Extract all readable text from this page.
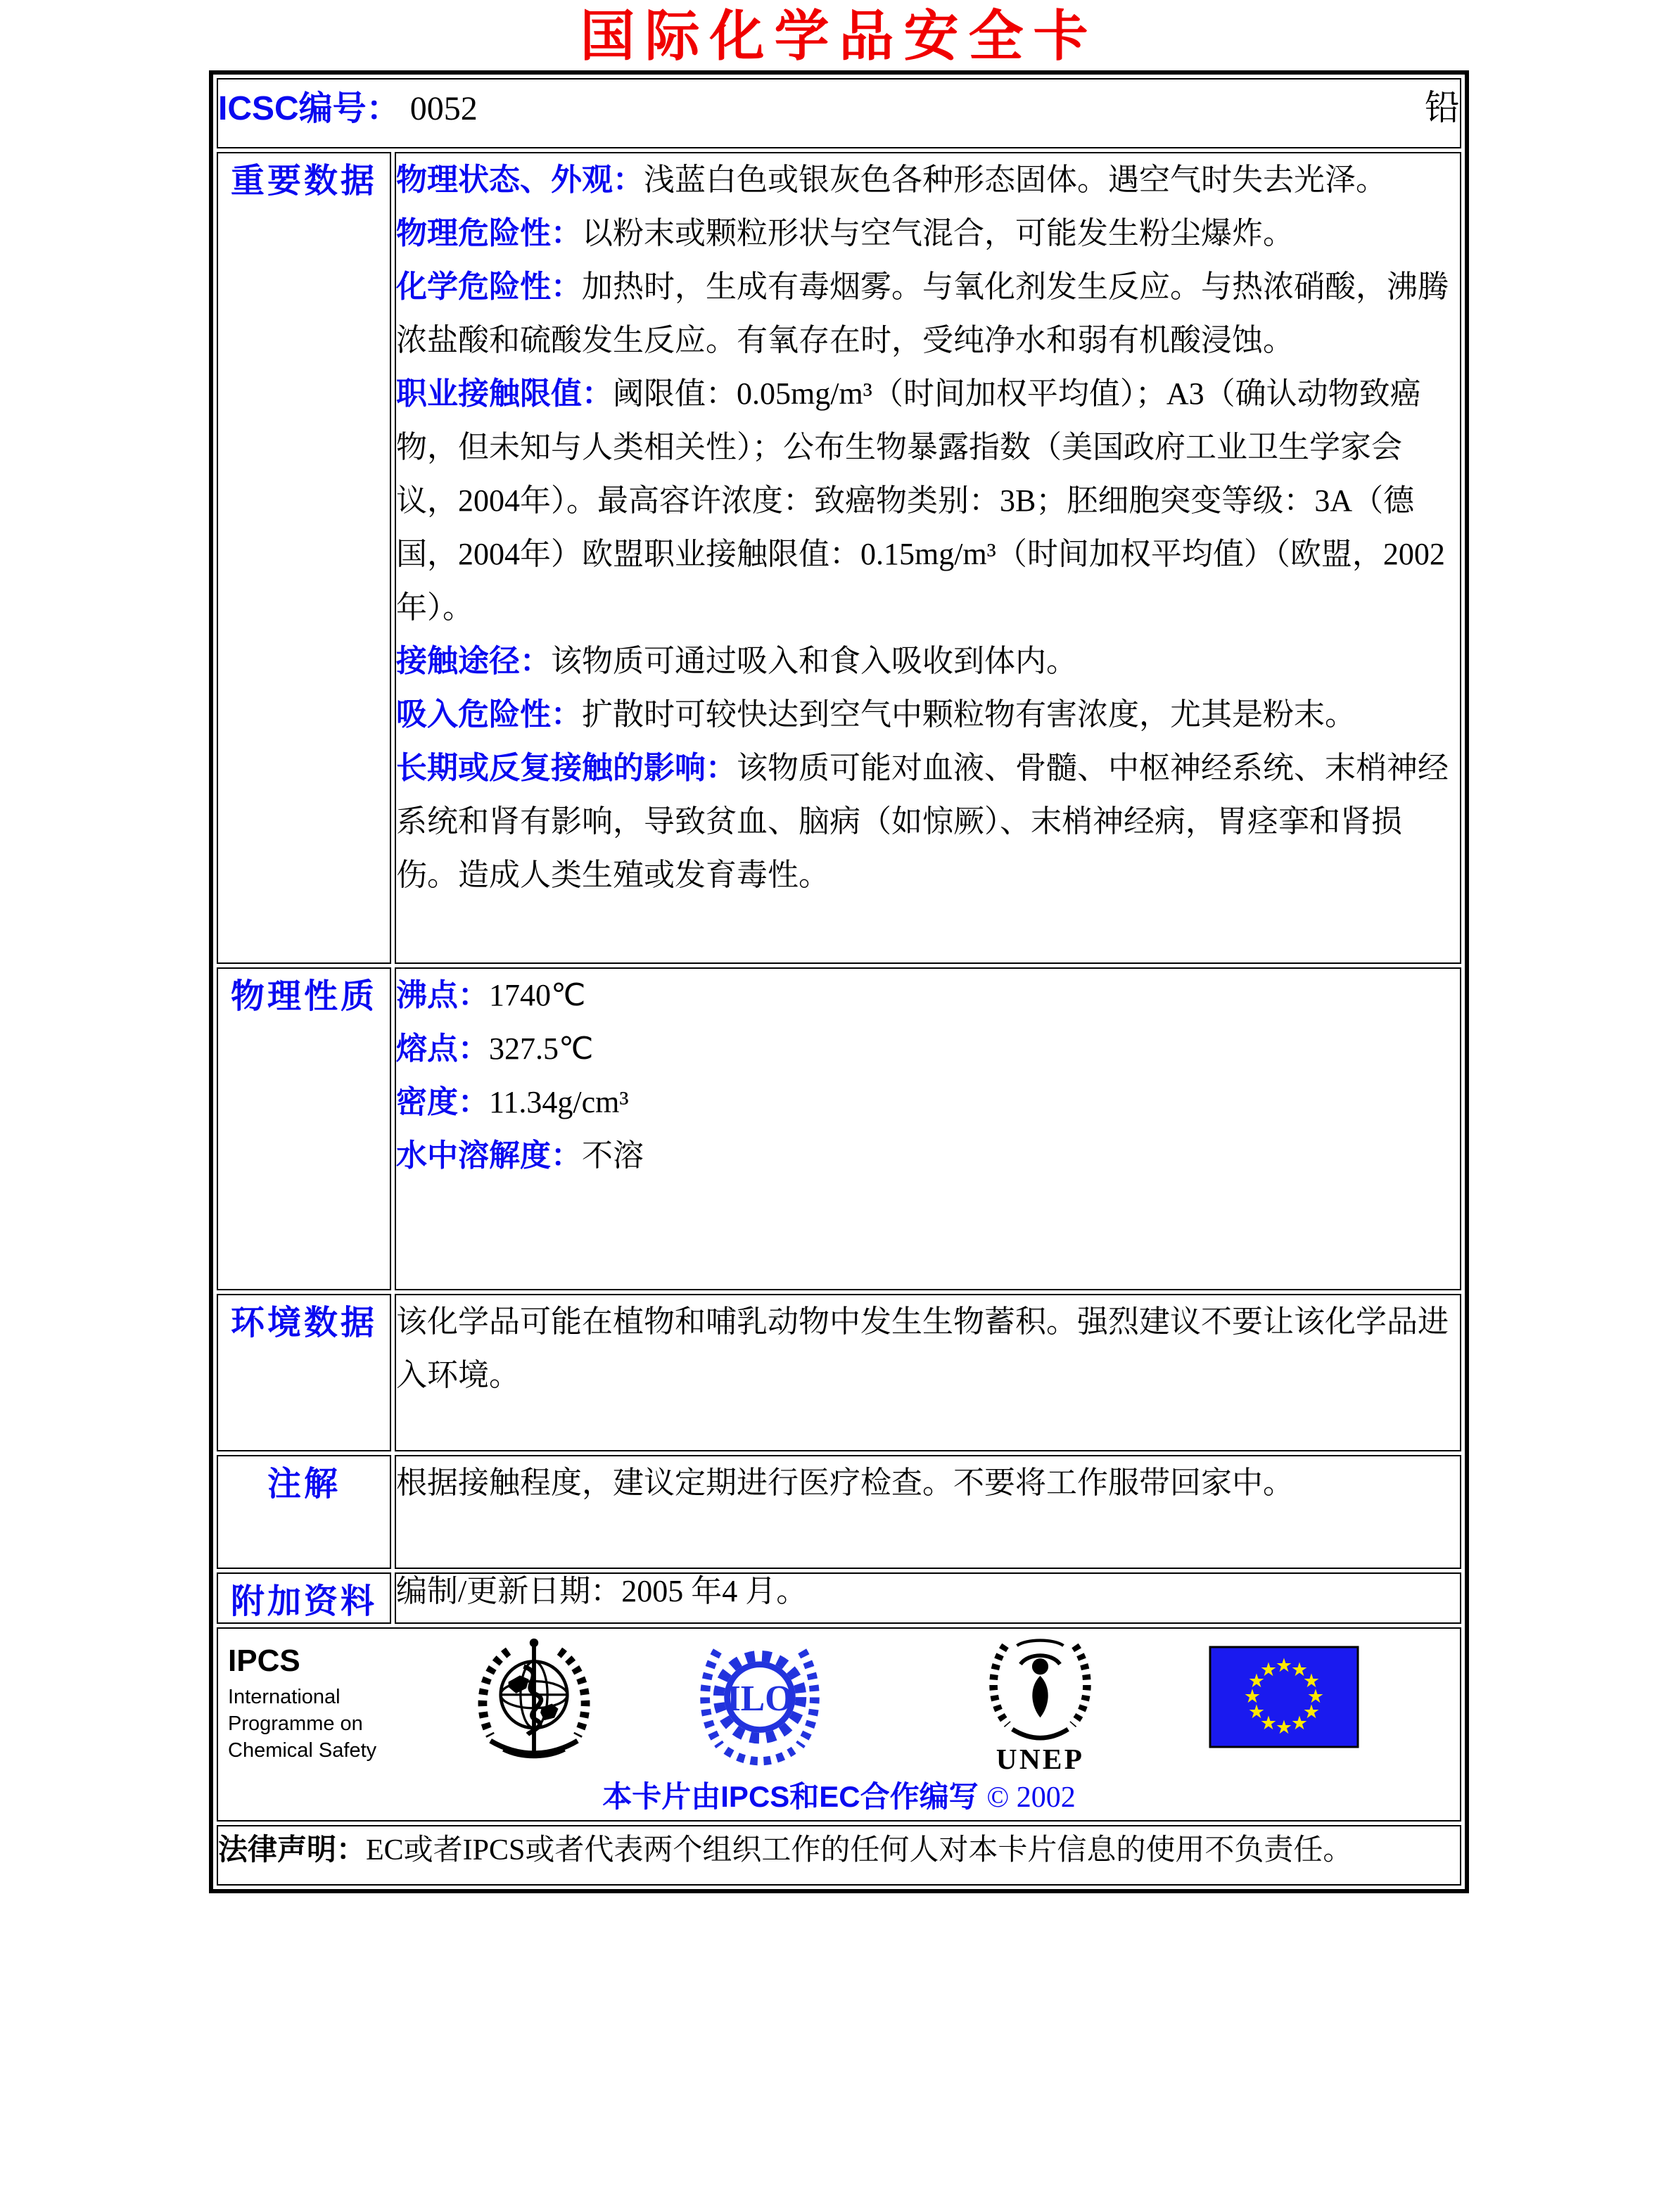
国际化学品安全卡
ICSC编号： 0052 铅	

重要数据	物理状态、外观：浅蓝白色或银灰色各种形态固体。遇空气时失去光泽。

物理危险性：以粉末或颗粒形状与空气混合，可能发生粉尘爆炸。

化学危险性：加热时，生成有毒烟雾。与氧化剂发生反应。与热浓硝酸，沸腾浓盐酸和硫酸发生反应。有氧存在时，受纯净水和弱有机酸浸蚀。

职业接触限值：阈限值：0.05mg/m³（时间加权平均值）；A3（确认动物致癌物，但未知与人类相关性）；公布生物暴露指数（美国政府工业卫生学家会议，2004年）。最高容许浓度：致癌物类别：3B；胚细胞突变等级：3A（德国，2004年）欧盟职业接触限值：0.15mg/m³（时间加权平均值）（欧盟，2002年）。

接触途径：该物质可通过吸入和食入吸收到体内。

吸入危险性：扩散时可较快达到空气中颗粒物有害浓度，尤其是粉末。

长期或反复接触的影响：该物质可能对血液、骨髓、中枢神经系统、末梢神经系统和肾有影响，导致贫血、脑病（如惊厥）、末梢神经病，胃痉挛和肾损伤。造成人类生殖或发育毒性。

物理性质	沸点：1740℃

熔点：327.5℃

密度：11.34g/cm³

水中溶解度：不溶

环境数据	该化学品可能在植物和哺乳动物中发生生物蓄积。强烈建议不要让该化学品进入环境。

注解	根据接触程度，建议定期进行医疗检查。不要将工作服带回家中。

附加资料	编制/更新日期：2005 年4 月。

IPCS
International
Programme on
Chemical Safety
ILO
UNEP
★
★
★
★
★
★
★
★
★
★
★
★
本卡片由IPCS和EC合作编写 © 2002

法律声明：EC或者IPCS或者代表两个组织工作的任何人对本卡片信息的使用不负责任。	
